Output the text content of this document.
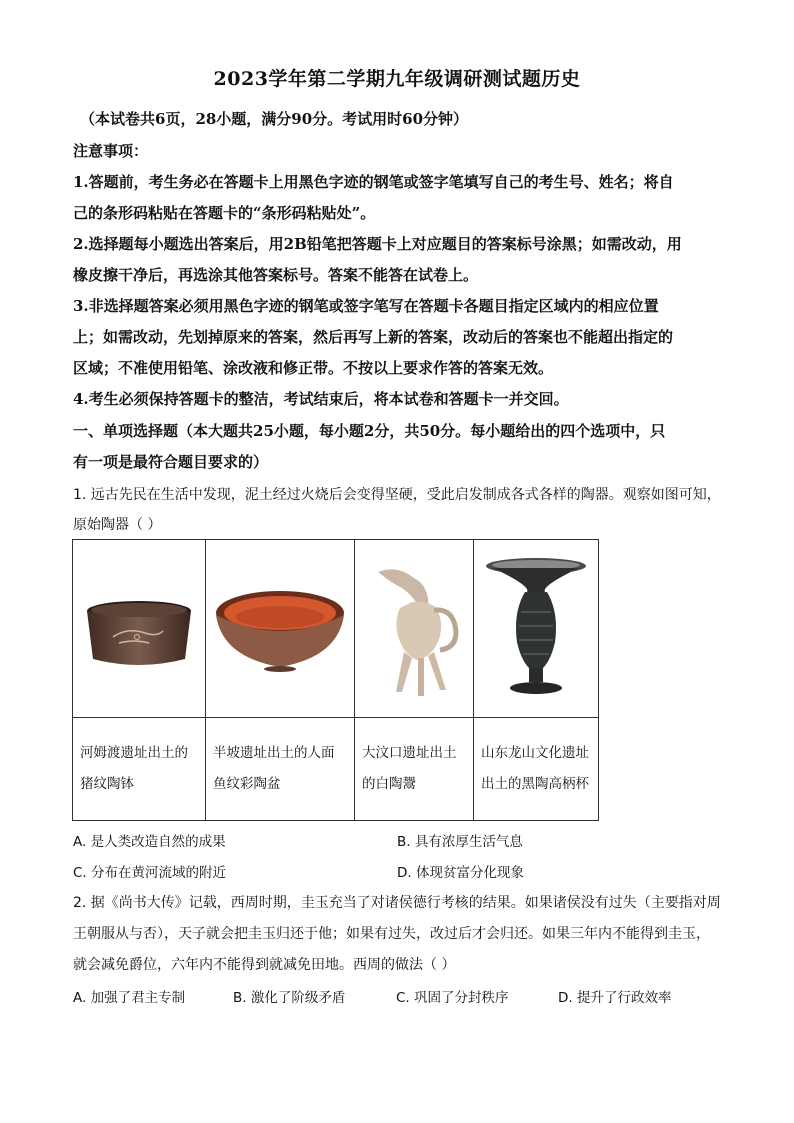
2023学年第二学期九年级调研测试题历史
（本试卷共6页，28小题，满分90分。考试用时60分钟）
注意事项：
1.答题前，考生务必在答题卡上用黑色字迹的钢笔或签字笔填写自己的考生号、姓名；将自
己的条形码粘贴在答题卡的“条形码粘贴处”。
2.选择题每小题选出答案后，用2B铅笔把答题卡上对应题目的答案标号涂黑；如需改动，用
橡皮擦干净后，再选涂其他答案标号。答案不能答在试卷上。
3.非选择题答案必须用黑色字迹的钢笔或签字笔写在答题卡各题目指定区域内的相应位置
上；如需改动，先划掉原来的答案，然后再写上新的答案，改动后的答案也不能超出指定的
区域；不准使用铅笔、涂改液和修正带。不按以上要求作答的答案无效。
4.考生必须保持答题卡的整洁，考试结束后，将本试卷和答题卡一并交回。
一、单项选择题（本大题共25小题，每小题2分，共50分。每小题给出的四个选项中，只
有一项是最符合题目要求的）
1. 远古先民在生活中发现，泥土经过火烧后会变得坚硬，受此启发制成各式各样的陶器。观察如图可知，
原始陶器（ ）

河姆渡遗址出土的猪纹陶钵	半坡遗址出土的人面鱼纹彩陶盆	大汶口遗址出土的白陶鬶	山东龙山文化遗址出土的黑陶高柄杯
A. 是人类改造自然的成果	B. 具有浓厚生活气息
C. 分布在黄河流域的附近	D. 体现贫富分化现象
2. 据《尚书大传》记载，西周时期，圭玉充当了对诸侯德行考核的结果。如果诸侯没有过失（主要指对周
王朝服从与否），天子就会把圭玉归还于他；如果有过失，改过后才会归还。如果三年内不能得到圭玉，
就会减免爵位，六年内不能得到就减免田地。西周的做法（ ）
A. 加强了君主专制	B. 激化了阶级矛盾	C. 巩固了分封秩序	D. 提升了行政效率
